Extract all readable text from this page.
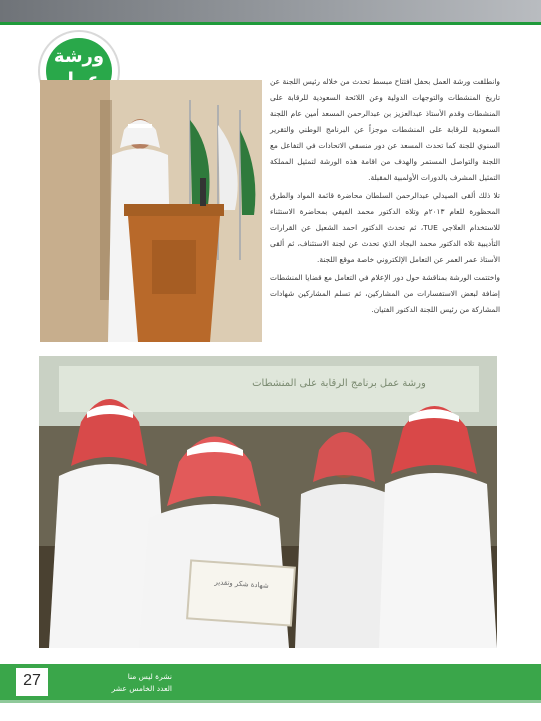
ورشة

وانطلقت ورشة العمل بحفل افتتاح مبسط تحدث من خلاله رئيس اللجنة عن تاريخ المنشطات والتوجهات الدولية وعن اللائحة السعودية للرقابة على المنشطات وقدم الأستاذ عبدالعزيز بن عبدالرحمن المسعد أمين عام اللجنة السعودية للرقابة على المنشطات موجزاً عن البرنامج الوطني والتقرير السنوي للجنة كما تحدث المسعد عن دور منسقي الاتحادات في التفاعل مع اللجنة والتواصل المستمر والهدف من اقامة هذه الورشة لتمثيل المملكة التمثيل المشرف بالدورات الأولمبية المقبلة.

تلا ذلك ألقى الصيدلي عبدالرحمن السلطان محاضرة قائمة المواد والطرق المحظورة للعام ٢٠١٣م وتلاه الدكتور محمد الفيفي بمحاضرة الاستثناء للاستخدام العلاجي TUE، ثم تحدث الدكتور احمد الشعيل عن القرارات التأديبية تلاه الدكتور محمد البجاد الذي تحدث عن لجنة الاستئناف، ثم ألقى الأستاذ عمر العمر عن التعامل الإلكتروني خاصة موقع اللجنة.

واختتمت الورشة بمناقشة حول دور الإعلام في التعامل مع قضايا المنشطات إضافة لبعض الاستفسارات من المشاركين، ثم تسلم المشاركين شهادات المشاركة من رئيس اللجنة الدكتور الفتيان.

ورشة عمل برنامج الرقابة على المنشطات
شهادة شكر وتقدير
27	نشرة ليس منا
العدد الخامس عشر
